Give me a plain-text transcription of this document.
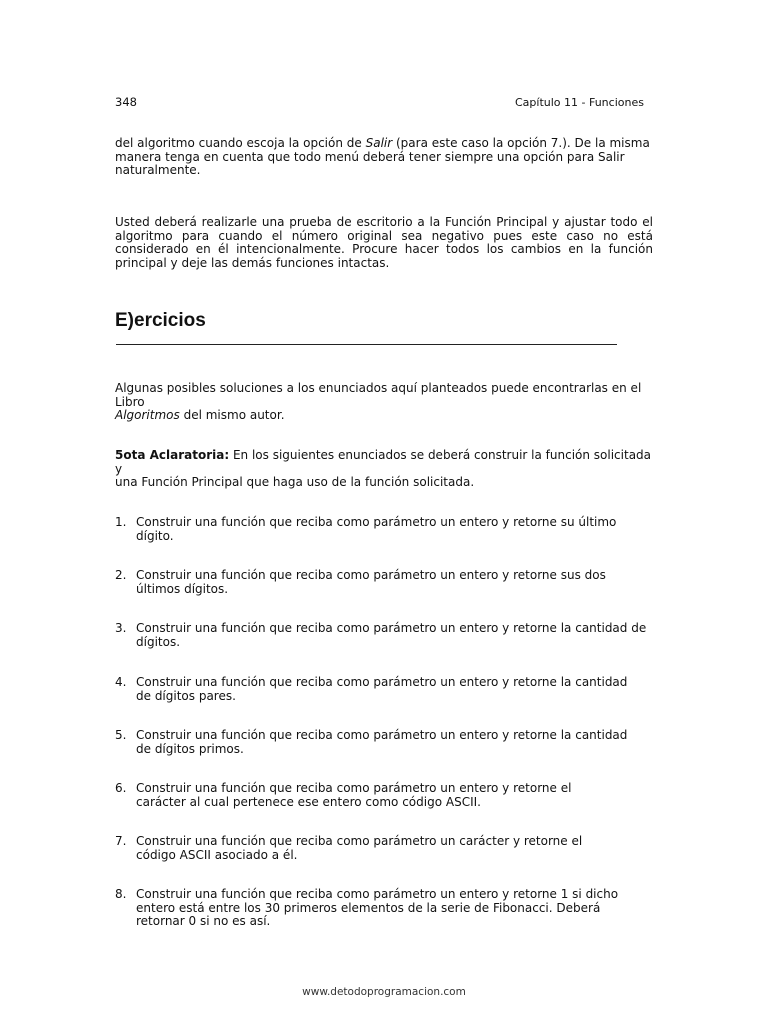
348	Capítulo 11 - Funciones
del algoritmo cuando escoja la opción de Salir (para este caso la opción 7.). De la misma
manera tenga en cuenta que todo menú deberá tener siempre una opción para Salir
naturalmente.

Usted deberá realizarle una prueba de escritorio a la Función Principal y ajustar todo el algoritmo para cuando el número original sea negativo pues este caso no está considerado en él intencionalmente. Procure hacer todos los cambios en la función principal y deje las demás funciones intactas.

E)ercicios
Algunas posibles soluciones a los enunciados aquí planteados puede encontrarlas en el
Libro
Algoritmos del mismo autor.
5ota Aclaratoria: En los siguientes enunciados se deberá construir la función solicitada y
una Función Principal que haga uso de la función solicitada.
1. Construir una función que reciba como parámetro un entero y retorne su último
dígito.
2. Construir una función que reciba como parámetro un entero y retorne sus dos
últimos dígitos.
3. Construir una función que reciba como parámetro un entero y retorne la cantidad de
dígitos.
4. Construir una función que reciba como parámetro un entero y retorne la cantidad
de dígitos pares.
5. Construir una función que reciba como parámetro un entero y retorne la cantidad
de dígitos primos.
6. Construir una función que reciba como parámetro un entero y retorne el
carácter al cual pertenece ese entero como código ASCII.
7. Construir una función que reciba como parámetro un carácter y retorne el
código ASCII asociado a él.
8. Construir una función que reciba como parámetro un entero y retorne 1 si dicho
entero está entre los 30 primeros elementos de la serie de Fibonacci. Deberá
retornar 0 si no es así.
www.detodoprogramacion.com
